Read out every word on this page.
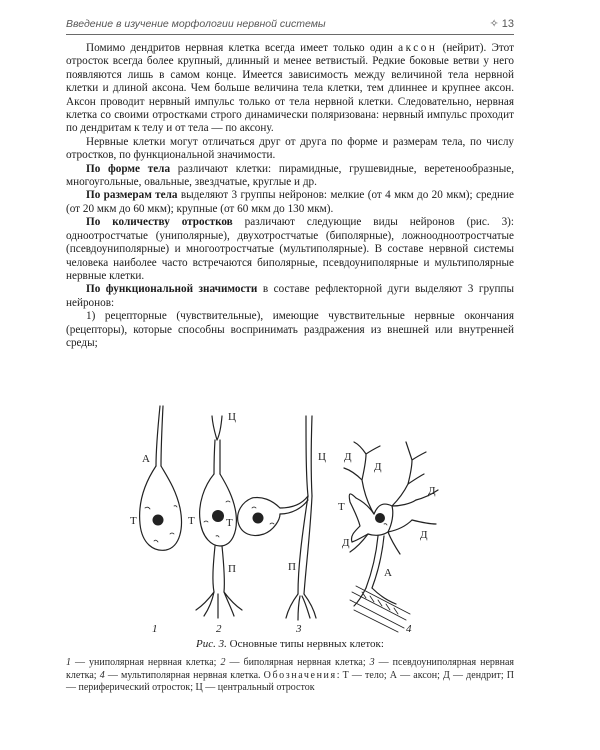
Введение в изучение морфологии нервной системы	✧ 13

Помимо дендритов нервная клетка всегда имеет только один аксон (нейрит). Этот отросток всегда более крупный, длинный и менее ветвистый. Редкие боковые ветви у него появляются лишь в самом конце. Имеется зависимость между величиной тела нервной клетки и длиной аксона. Чем больше величина тела клетки, тем длиннее и крупнее аксон. Аксон проводит нервный импульс только от тела нервной клетки. Следовательно, нервная клетка со своими отростками строго динамически поляризована: нервный импульс проходит по дендритам к телу и от тела — по аксону.

Нервные клетки могут отличаться друг от друга по форме и размерам тела, по числу отростков, по функциональной значимости.

По форме тела различают клетки: пирамидные, грушевидные, веретенообразные, многоугольные, овальные, звездчатые, круглые и др.

По размерам тела выделяют 3 группы нейронов: мелкие (от 4 мкм до 20 мкм); средние (от 20 мкм до 60 мкм); крупные (от 60 мкм до 130 мкм).

По количеству отростков различают следующие виды нейронов (рис. 3): одноотростчатые (униполярные), двухотростчатые (биполярные), ложноодноотростчатые (псевдоуниполярные) и многоотростчатые (мультиполярные). В составе нервной системы человека наиболее часто встречаются биполярные, псевдоуниполярные и мультиполярные нервные клетки.

По функциональной значимости в составе рефлекторной дуги выделяют 3 группы нейронов:

1) рецепторные (чувствительные), имеющие чувствительные нервные окончания (рецепторы), которые способны воспринимать раздражения из внешней или внутренней среды;

А
Т
Ц
Т
П
Ц
Т
П
Д
Д
Д
Д
Т
Д
А
1	2	3	4
Рис. 3. Основные типы нервных клеток:
1 — униполярная нервная клетка; 2 — биполярная нервная клетка; 3 — псевдоуниполярная нервная клетка; 4 — мультиполярная нервная клетка. Обозначения: Т — тело; А — аксон; Д — дендрит; П — периферический отросток; Ц — центральный отросток
